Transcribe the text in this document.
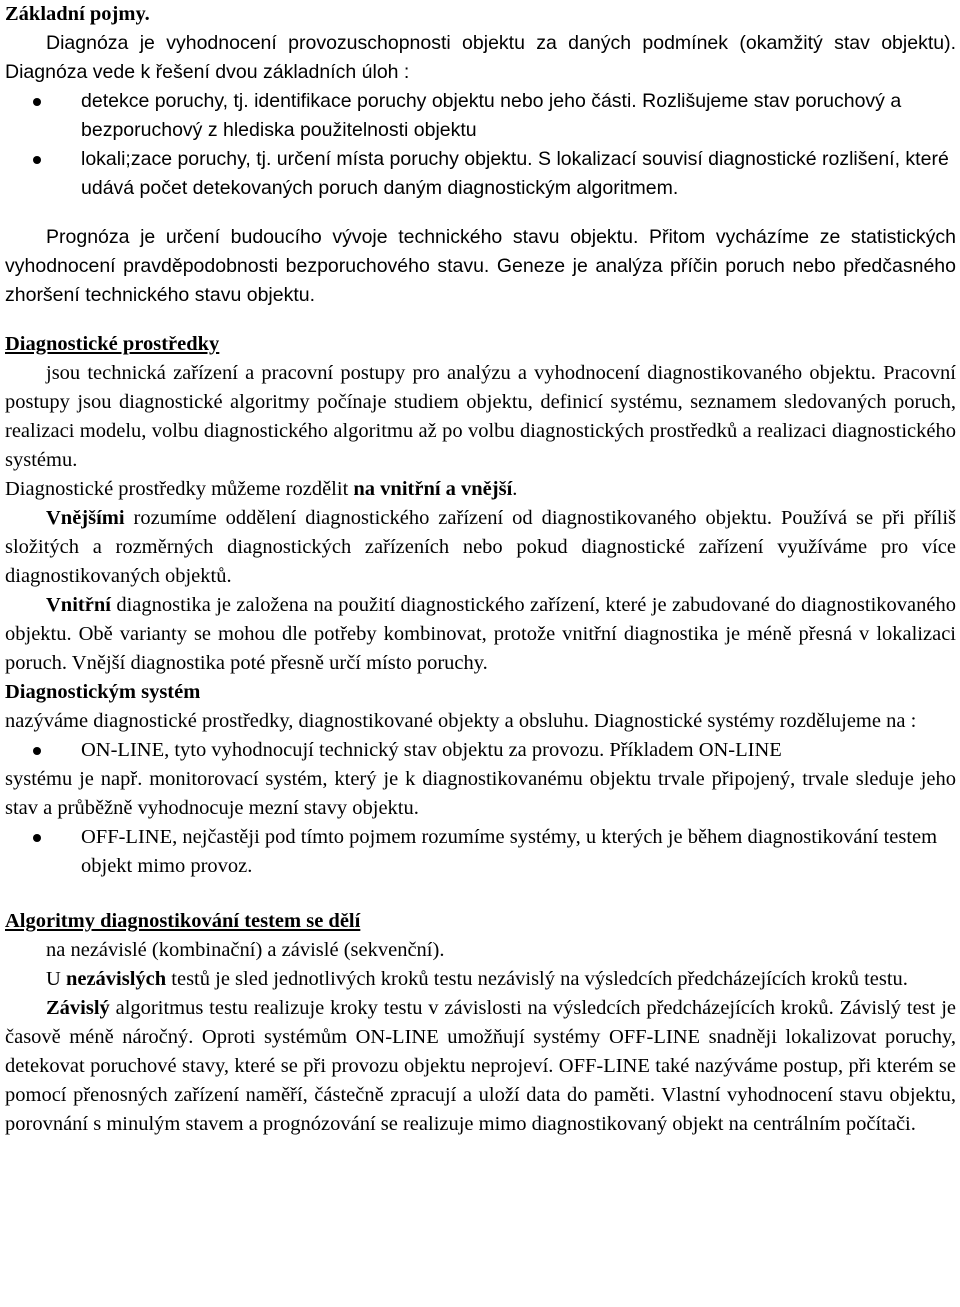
Základní pojmy.

Diagnóza je vyhodnocení provozuschopnosti objektu za daných podmínek (okamžitý stav objektu). Diagnóza vede k řešení dvou základních úloh :

detekce poruchy, tj. identifikace poruchy objektu nebo jeho části. Rozlišujeme stav poruchový a bezporuchový z hlediska použitelnosti objektu
lokali;zace poruchy, tj. určení místa poruchy objektu. S lokalizací souvisí diagnostické rozlišení, které udává počet detekovaných poruch daným diagnostickým algoritmem.

Prognóza je určení budoucího vývoje technického stavu objektu. Přitom vycházíme ze statistických vyhodnocení pravděpodobnosti bezporuchového stavu. Geneze je analýza příčin poruch nebo předčasného zhoršení technického stavu objektu.

Diagnostické prostředky

jsou technická zařízení a pracovní postupy pro analýzu a vyhodnocení diagnostikovaného objektu. Pracovní postupy jsou diagnostické algoritmy počínaje studiem objektu, definicí systému, seznamem sledovaných poruch, realizaci modelu, volbu diagnostického algoritmu až po volbu diagnostických prostředků a realizaci diagnostického systému.

Diagnostické prostředky můžeme rozdělit na vnitřní a vnější.

Vnějšími rozumíme oddělení diagnostického zařízení od diagnostikovaného objektu. Používá se při příliš složitých a rozměrných diagnostických zařízeních nebo pokud diagnostické zařízení využíváme pro více diagnostikovaných objektů.

Vnitřní diagnostika je založena na použití diagnostického zařízení, které je zabudované do diagnostikovaného objektu. Obě varianty se mohou dle potřeby kombinovat, protože vnitřní diagnostika je méně přesná v lokalizaci poruch. Vnější diagnostika poté přesně určí místo poruchy.

Diagnostickým systém

nazýváme diagnostické prostředky, diagnostikované objekty a obsluhu. Diagnostické systémy rozdělujeme na :

ON-LINE, tyto vyhodnocují technický stav objektu za provozu. Příkladem ON-LINE

systému je např. monitorovací systém, který je k diagnostikovanému objektu trvale připojený, trvale sleduje jeho stav a průběžně vyhodnocuje mezní stavy objektu.

OFF-LINE, nejčastěji pod tímto pojmem rozumíme systémy, u kterých je během diagnostikování testem objekt mimo provoz.

Algoritmy diagnostikování testem se dělí

na nezávislé (kombinační) a závislé (sekvenční).

U nezávislých testů je sled jednotlivých kroků testu nezávislý na výsledcích předcházejících kroků testu.

Závislý algoritmus testu realizuje kroky testu v závislosti na výsledcích předcházejících kroků. Závislý test je časově méně náročný. Oproti systémům ON-LINE umožňují systémy OFF-LINE snadněji lokalizovat poruchy, detekovat poruchové stavy, které se při provozu objektu neprojeví. OFF-LINE také nazýváme postup, při kterém se pomocí přenosných zařízení naměří, částečně zpracují a uloží data do paměti. Vlastní vyhodnocení stavu objektu, porovnání s minulým stavem a prognózování se realizuje mimo diagnostikovaný objekt na centrálním počítači.
